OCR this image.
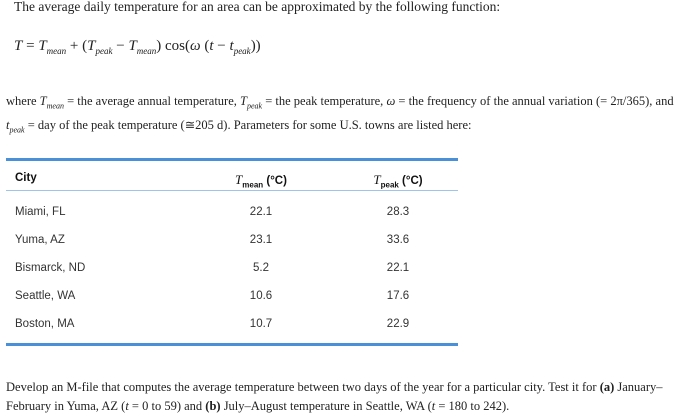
The average daily temperature for an area can be approximated by the following function:
$T = T_{mean} + (T_{peak} - T_{mean})$ cos(ω $(t - t_{peak})$)
where $T_{mean}$ = the average annual temperature, $T_{peak}$ = the peak temperature, ω = the frequency of the annual variation (= 2π/365), and $t_{peak}$ = day of the peak temperature (≅205 d). Parameters for some U.S. towns are listed here:
City	$T_{mean}$ (°C)	$T_{peak}$ (°C)
Miami, FL	22.1	28.3
Yuma, AZ	23.1	33.6
Bismarck, ND	5.2	22.1
Seattle, WA	10.6	17.6
Boston, MA	10.7	22.9
Develop an M-file that computes the average temperature between two days of the year for a particular city. Test it for (a) January–February in Yuma, AZ (t = 0 to 59) and (b) July–August temperature in Seattle, WA (t = 180 to 242).
